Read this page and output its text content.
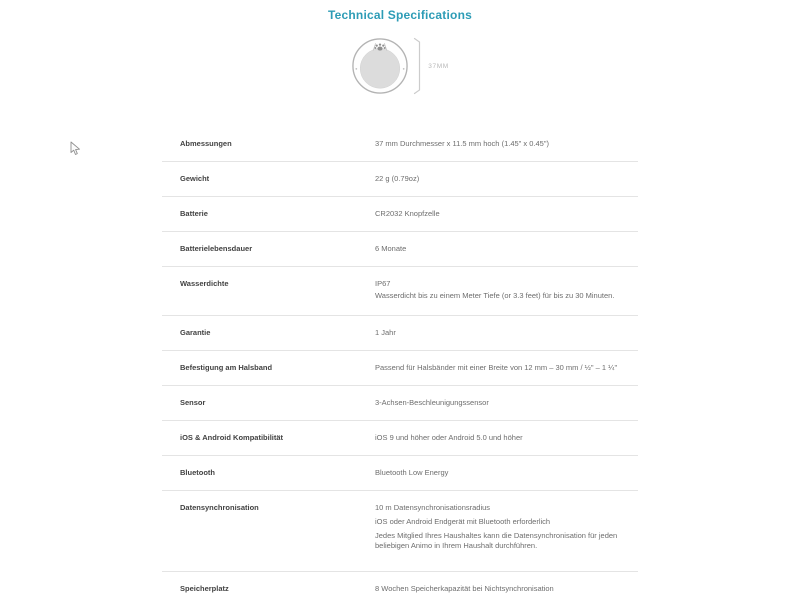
Technical Specifications
37MM
Abmessungen	37 mm Durchmesser x 11.5 mm hoch (1.45" x 0.45")
Gewicht	22 g (0.79oz)
Batterie	CR2032 Knopfzelle
Batterielebensdauer	6 Monate
Wasserdichte	IP67
Wasserdicht bis zu einem Meter Tiefe (or 3.3 feet) für bis zu 30 Minuten.
Garantie	1 Jahr
Befestigung am Halsband	Passend für Halsbänder mit einer Breite von 12 mm – 30 mm / ½" – 1 ¼"
Sensor	3-Achsen-Beschleunigungssensor
iOS & Android Kompatibilität	iOS 9 und höher oder Android 5.0 und höher
Bluetooth	Bluetooth Low Energy
Datensynchronisation	10 m Datensynchronisationsradius
iOS oder Android Endgerät mit Bluetooth erforderlich
Jedes Mitglied Ihres Haushaltes kann die Datensynchronisation für jeden beliebigen Animo in Ihrem Haushalt durchführen.
Speicherplatz	8 Wochen Speicherkapazität bei Nichtsynchronisation
